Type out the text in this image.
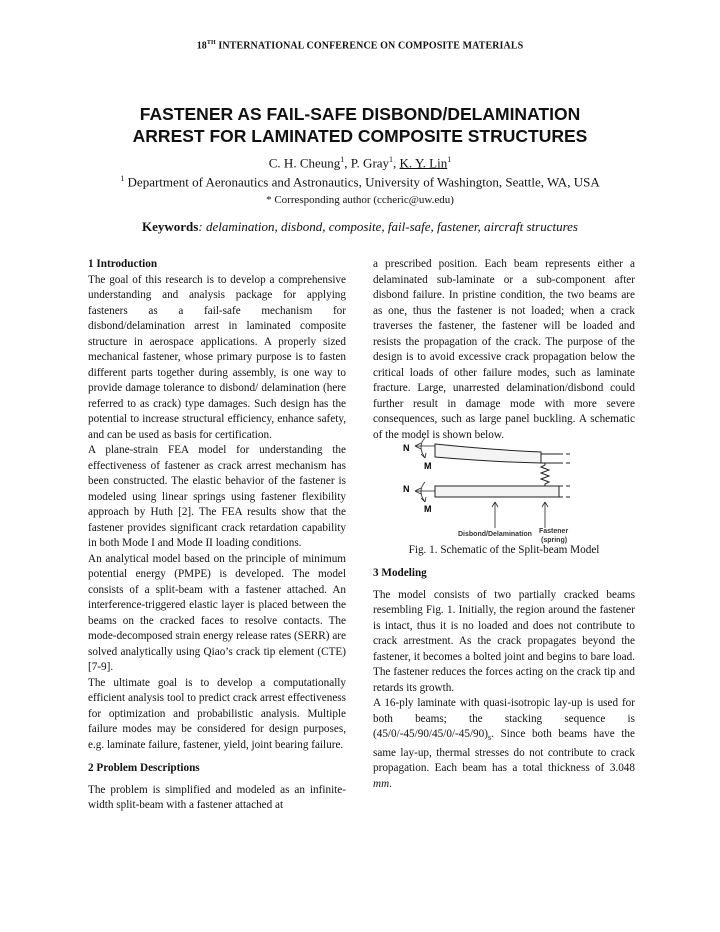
18TH INTERNATIONAL CONFERENCE ON COMPOSITE MATERIALS
FASTENER AS FAIL-SAFE DISBOND/DELAMINATION
ARREST FOR LAMINATED COMPOSITE STRUCTURES
C. H. Cheung$^1$, P. Gray$^1$, K. Y. Lin$^1$
$^1$ Department of Aeronautics and Astronautics, University of Washington, Seattle, WA, USA
* Corresponding author (ccheric@uw.edu)
Keywords: delamination, disbond, composite, fail-safe, fastener, aircraft structures

1 Introduction

The goal of this research is to develop a comprehensive understanding and analysis package for applying fasteners as a fail-safe mechanism for disbond/delamination arrest in laminated composite structure in aerospace applications. A properly sized mechanical fastener, whose primary purpose is to fasten different parts together during assembly, is one way to provide damage tolerance to disbond/ delamination (here referred to as crack) type damages. Such design has the potential to increase structural efficiency, enhance safety, and can be used as basis for certification.

A plane-strain FEA model for understanding the effectiveness of fastener as crack arrest mechanism has been constructed. The elastic behavior of the fastener is modeled using linear springs using fastener flexibility approach by Huth [2]. The FEA results show that the fastener provides significant crack retardation capability in both Mode I and Mode II loading conditions.

An analytical model based on the principle of minimum potential energy (PMPE) is developed. The model consists of a split-beam with a fastener attached. An interference-triggered elastic layer is placed between the beams on the cracked faces to resolve contacts. The mode-decomposed strain energy release rates (SERR) are solved analytically using Qiao’s crack tip element (CTE) [7-9].

The ultimate goal is to develop a computationally efficient analysis tool to predict crack arrest effectiveness for optimization and probabilistic analysis. Multiple failure modes may be considered for design purposes, e.g. laminate failure, fastener, yield, joint bearing failure.

2 Problem Descriptions

The problem is simplified and modeled as an infinite-width split-beam with a fastener attached at

a prescribed position. Each beam represents either a delaminated sub-laminate or a sub-component after disbond failure. In pristine condition, the two beams are as one, thus the fastener is not loaded; when a crack traverses the fastener, the fastener will be loaded and resists the propagation of the crack. The purpose of the design is to avoid excessive crack propagation below the critical loads of other failure modes, such as laminate fracture. Large, unarrested delamination/disbond could further result in damage mode with more severe consequences, such as large panel buckling. A schematic of the model is shown below.

N
M
N
M
Disbond/Delamination Fastener
(spring)
Fig. 1. Schematic of the Split-beam Model

3 Modeling

The model consists of two partially cracked beams resembling Fig. 1. Initially, the region around the fastener is intact, thus it is no loaded and does not contribute to crack arrestment. As the crack propagates beyond the fastener, it becomes a bolted joint and begins to bare load. The fastener reduces the forces acting on the crack tip and retards its growth.

A 16-ply laminate with quasi-isotropic lay-up is used for both beams; the stacking sequence is $(45/0/-45/90/45/0/-45/90)_s$. Since both beams have the same lay-up, thermal stresses do not contribute to crack propagation. Each beam has a total thickness of 3.048 mm.
